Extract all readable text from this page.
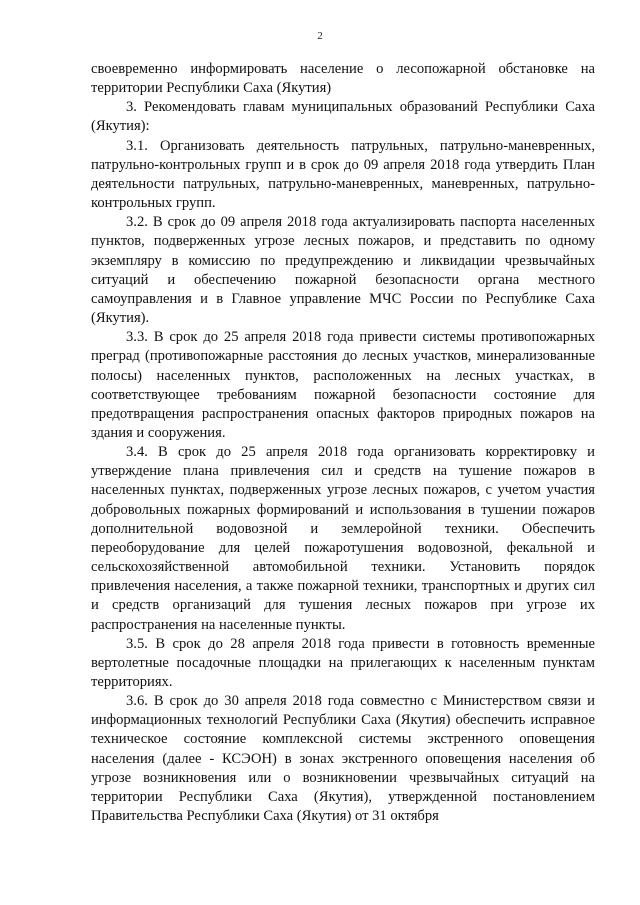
2

своевременно информировать население о лесопожарной обстановке на территории Республики Саха (Якутия)

3. Рекомендовать главам муниципальных образований Республики Саха (Якутия):

3.1. Организовать деятельность патрульных, патрульно-маневренных, патрульно-контрольных групп и в срок до 09 апреля 2018 года утвердить План деятельности патрульных, патрульно-маневренных, маневренных, патрульно-контрольных групп.

3.2. В срок до 09 апреля 2018 года актуализировать паспорта населенных пунктов, подверженных угрозе лесных пожаров, и представить по одному экземпляру в комиссию по предупреждению и ликвидации чрезвычайных ситуаций и обеспечению пожарной безопасности органа местного самоуправления и в Главное управление МЧС России по Республике Саха (Якутия).

3.3. В срок до 25 апреля 2018 года привести системы противопожарных преград (противопожарные расстояния до лесных участков, минерализованные полосы) населенных пунктов, расположенных на лесных участках, в соответствующее требованиям пожарной безопасности состояние для предотвращения распространения опасных факторов природных пожаров на здания и сооружения.

3.4. В срок до 25 апреля 2018 года организовать корректировку и утверждение плана привлечения сил и средств на тушение пожаров в населенных пунктах, подверженных угрозе лесных пожаров, с учетом участия добровольных пожарных формирований и использования в тушении пожаров дополнительной водовозной и землеройной техники. Обеспечить переоборудование для целей пожаротушения водовозной, фекальной и сельскохозяйственной автомобильной техники. Установить порядок привлечения населения, а также пожарной техники, транспортных и других сил и средств организаций для тушения лесных пожаров при угрозе их распространения на населенные пункты.

3.5. В срок до 28 апреля 2018 года привести в готовность временные вертолетные посадочные площадки на прилегающих к населенным пунктам территориях.

3.6. В срок до 30 апреля 2018 года совместно с Министерством связи и информационных технологий Республики Саха (Якутия) обеспечить исправное техническое состояние комплексной системы экстренного оповещения населения (далее - КСЭОН) в зонах экстренного оповещения населения об угрозе возникновения или о возникновении чрезвычайных ситуаций на территории Республики Саха (Якутия), утвержденной постановлением Правительства Республики Саха (Якутия) от 31 октября
